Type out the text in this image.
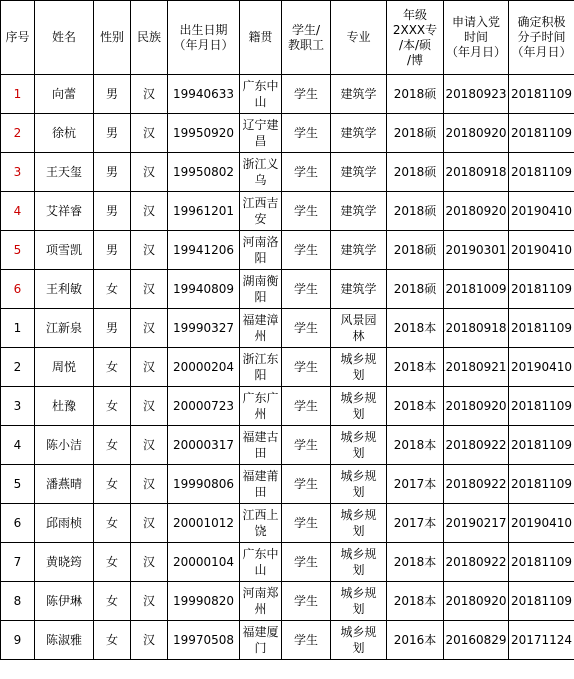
序号	姓名	性别	民族	出生日期
（年月日）	籍贯	学生/
教职工	专业	年级
2XXX专
/本/硕
/博	申请入党
时间
（年月日）	确定积极
分子时间
（年月日）

1	向蕾	男	汉	19940633	广东中
山	学生	建筑学	2018硕	20180923	20181109
2	徐杭	男	汉	19950920	辽宁建
昌	学生	建筑学	2018硕	20180920	20181109
3	王天玺	男	汉	19950802	浙江义
乌	学生	建筑学	2018硕	20180918	20181109
4	艾祥睿	男	汉	19961201	江西吉
安	学生	建筑学	2018硕	20180920	20190410
5	项雪凯	男	汉	19941206	河南洛
阳	学生	建筑学	2018硕	20190301	20190410
6	王利敏	女	汉	19940809	湖南衡
阳	学生	建筑学	2018硕	20181009	20181109
1	江新泉	男	汉	19990327	福建漳
州	学生	风景园
林	2018本	20180918	20181109
2	周悦	女	汉	20000204	浙江东
阳	学生	城乡规
划	2018本	20180921	20190410
3	杜豫	女	汉	20000723	广东广
州	学生	城乡规
划	2018本	20180920	20181109
4	陈小洁	女	汉	20000317	福建古
田	学生	城乡规
划	2018本	20180922	20181109
5	潘燕晴	女	汉	19990806	福建莆
田	学生	城乡规
划	2017本	20180922	20181109
6	邱雨桢	女	汉	20001012	江西上
饶	学生	城乡规
划	2017本	20190217	20190410
7	黄晓筠	女	汉	20000104	广东中
山	学生	城乡规
划	2018本	20180922	20181109
8	陈伊琳	女	汉	19990820	河南郑
州	学生	城乡规
划	2018本	20180920	20181109
9	陈淑雅	女	汉	19970508	福建厦
门	学生	城乡规
划	2016本	20160829	20171124
